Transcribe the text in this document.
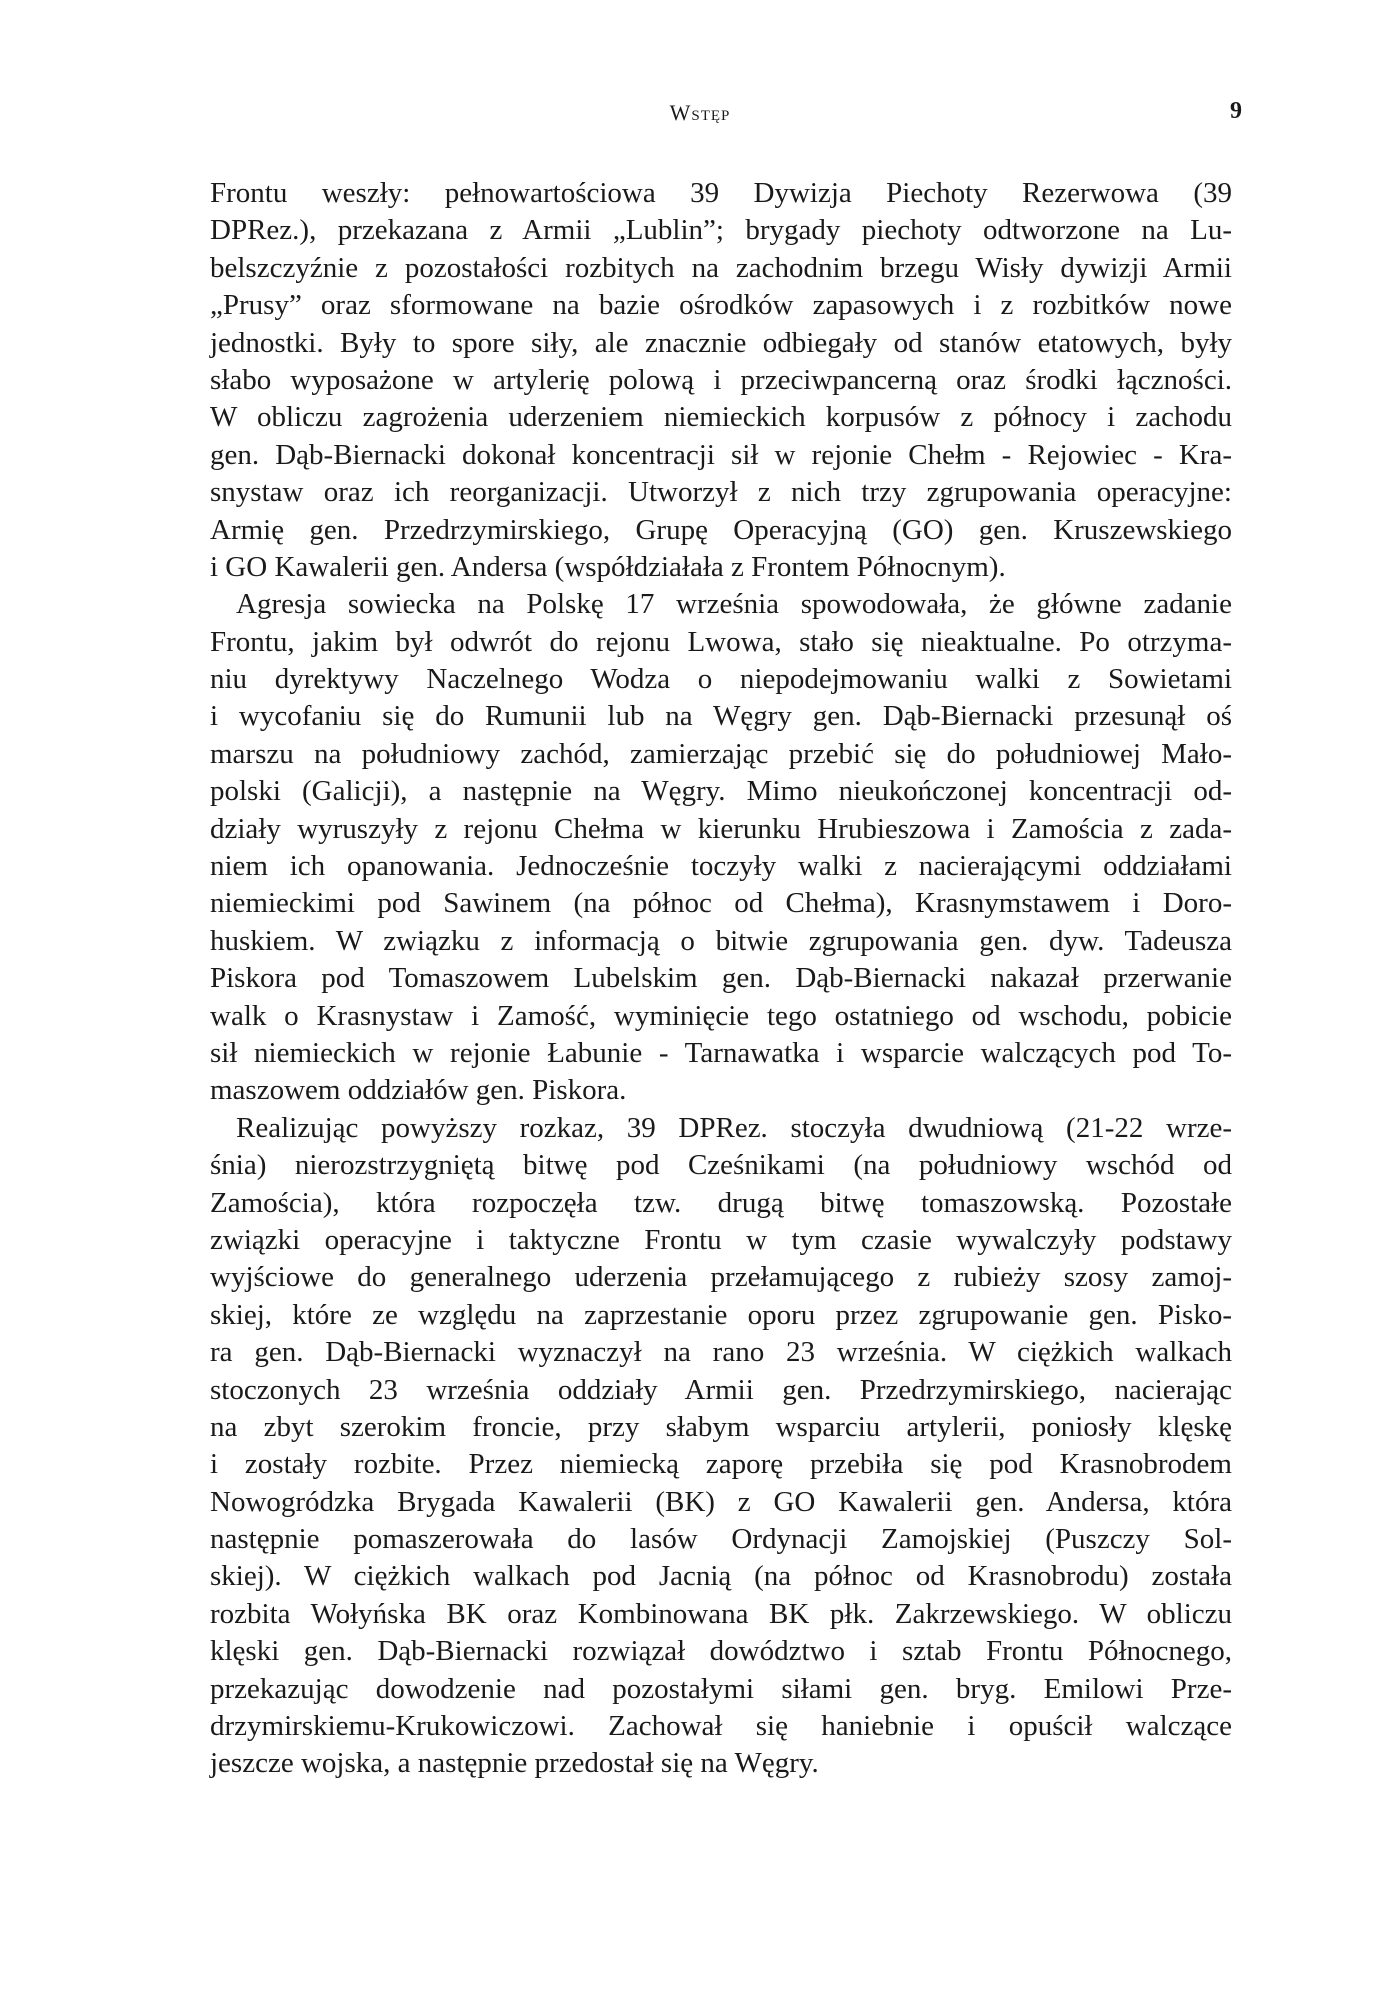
Wstęp	9
Frontu weszły: pełnowartościowa 39 Dywizja Piechoty Rezerwowa (39
DPRez.), przekazana z Armii „Lublin”; brygady piechoty odtworzone na Lu-
belszczyźnie z pozostałości rozbitych na zachodnim brzegu Wisły dywizji Armii
„Prusy” oraz sformowane na bazie ośrodków zapasowych i z rozbitków nowe
jednostki. Były to spore siły, ale znacznie odbiegały od stanów etatowych, były
słabo wyposażone w artylerię polową i przeciwpancerną oraz środki łączności.
W obliczu zagrożenia uderzeniem niemieckich korpusów z północy i zachodu
gen. Dąb-Biernacki dokonał koncentracji sił w rejonie Chełm - Rejowiec - Kra-
snystaw oraz ich reorganizacji. Utworzył z nich trzy zgrupowania operacyjne:
Armię gen. Przedrzymirskiego, Grupę Operacyjną (GO) gen. Kruszewskiego
i GO Kawalerii gen. Andersa (współdziałała z Frontem Północnym).
Agresja sowiecka na Polskę 17 września spowodowała, że główne zadanie
Frontu, jakim był odwrót do rejonu Lwowa, stało się nieaktualne. Po otrzyma-
niu dyrektywy Naczelnego Wodza o niepodejmowaniu walki z Sowietami
i wycofaniu się do Rumunii lub na Węgry gen. Dąb-Biernacki przesunął oś
marszu na południowy zachód, zamierzając przebić się do południowej Mało-
polski (Galicji), a następnie na Węgry. Mimo nieukończonej koncentracji od-
działy wyruszyły z rejonu Chełma w kierunku Hrubieszowa i Zamościa z zada-
niem ich opanowania. Jednocześnie toczyły walki z nacierającymi oddziałami
niemieckimi pod Sawinem (na północ od Chełma), Krasnymstawem i Doro-
huskiem. W związku z informacją o bitwie zgrupowania gen. dyw. Tadeusza
Piskora pod Tomaszowem Lubelskim gen. Dąb-Biernacki nakazał przerwanie
walk o Krasnystaw i Zamość, wyminięcie tego ostatniego od wschodu, pobicie
sił niemieckich w rejonie Łabunie - Tarnawatka i wsparcie walczących pod To-
maszowem oddziałów gen. Piskora.
Realizując powyższy rozkaz, 39 DPRez. stoczyła dwudniową (21-22 wrze-
śnia) nierozstrzygniętą bitwę pod Cześnikami (na południowy wschód od
Zamościa), która rozpoczęła tzw. drugą bitwę tomaszowską. Pozostałe
związki operacyjne i taktyczne Frontu w tym czasie wywalczyły podstawy
wyjściowe do generalnego uderzenia przełamującego z rubieży szosy zamoj-
skiej, które ze względu na zaprzestanie oporu przez zgrupowanie gen. Pisko-
ra gen. Dąb-Biernacki wyznaczył na rano 23 września. W ciężkich walkach
stoczonych 23 września oddziały Armii gen. Przedrzymirskiego, nacierając
na zbyt szerokim froncie, przy słabym wsparciu artylerii, poniosły klęskę
i zostały rozbite. Przez niemiecką zaporę przebiła się pod Krasnobrodem
Nowogródzka Brygada Kawalerii (BK) z GO Kawalerii gen. Andersa, która
następnie pomaszerowała do lasów Ordynacji Zamojskiej (Puszczy Sol-
skiej). W ciężkich walkach pod Jacnią (na północ od Krasnobrodu) została
rozbita Wołyńska BK oraz Kombinowana BK płk. Zakrzewskiego. W obliczu
klęski gen. Dąb-Biernacki rozwiązał dowództwo i sztab Frontu Północnego,
przekazując dowodzenie nad pozostałymi siłami gen. bryg. Emilowi Prze-
drzymirskiemu-Krukowiczowi. Zachował się haniebnie i opuścił walczące
jeszcze wojska, a następnie przedostał się na Węgry.
